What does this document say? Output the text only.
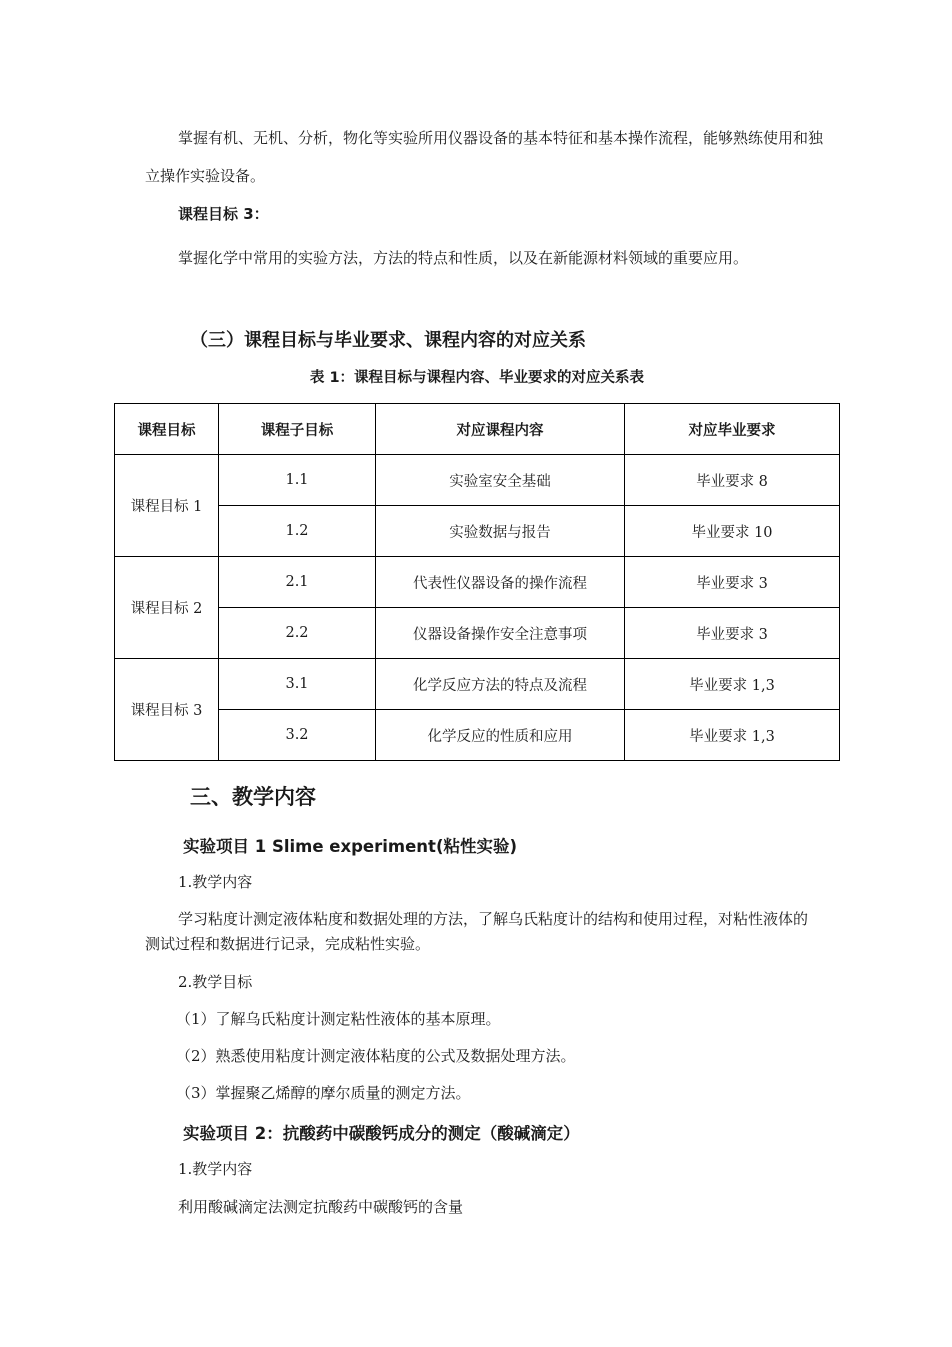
掌握有机、无机、分析，物化等实验所用仪器设备的基本特征和基本操作流程，能够熟练使用和独立操作实验设备。

课程目标 3：

掌握化学中常用的实验方法，方法的特点和性质，以及在新能源材料领域的重要应用。

（三）课程目标与毕业要求、课程内容的对应关系

表 1：课程目标与课程内容、毕业要求的对应关系表

课程目标	课程子目标	对应课程内容	对应毕业要求
课程目标 1	1.1	实验室安全基础	毕业要求 8
	1.2	实验数据与报告	毕业要求 10
课程目标 2	2.1	代表性仪器设备的操作流程	毕业要求 3
	2.2	仪器设备操作安全注意事项	毕业要求 3
课程目标 3	3.1	化学反应方法的特点及流程	毕业要求 1,3
	3.2	化学反应的性质和应用	毕业要求 1,3
三、教学内容

实验项目 1 Slime experiment(粘性实验)

1.教学内容

学习粘度计测定液体粘度和数据处理的方法，了解乌氏粘度计的结构和使用过程，对粘性液体的测试过程和数据进行记录，完成粘性实验。

2.教学目标

（1）了解乌氏粘度计测定粘性液体的基本原理。

（2）熟悉使用粘度计测定液体粘度的公式及数据处理方法。

（3）掌握聚乙烯醇的摩尔质量的测定方法。

实验项目 2：抗酸药中碳酸钙成分的测定（酸碱滴定）

1.教学内容

利用酸碱滴定法测定抗酸药中碳酸钙的含量
